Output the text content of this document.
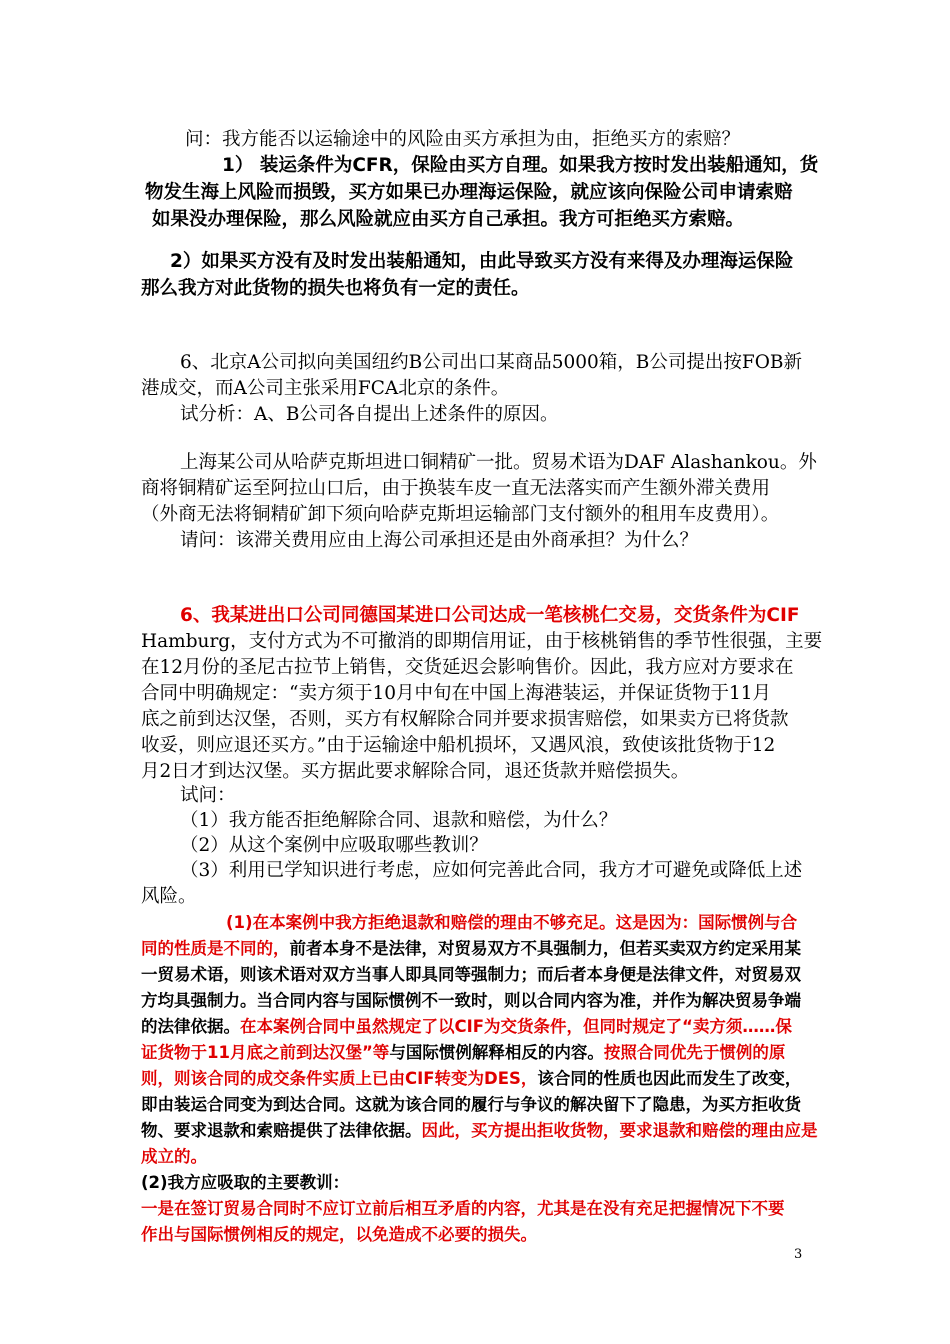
问：我方能否以运输途中的风险由买方承担为由，拒绝买方的索赔？
1） 装运条件为CFR，保险由买方自理。如果我方按时发出装船通知，货
物发生海上风险而损毁，买方如果已办理海运保险，就应该向保险公司申请索赔
如果没办理保险，那么风险就应由买方自己承担。我方可拒绝买方索赔。
2）如果买方没有及时发出装船通知，由此导致买方没有来得及办理海运保险
那么我方对此货物的损失也将负有一定的责任。
6、北京A公司拟向美国纽约B公司出口某商品5000箱，B公司提出按FOB新
港成交，而A公司主张采用FCA北京的条件。
试分析：A、B公司各自提出上述条件的原因。
上海某公司从哈萨克斯坦进口铜精矿一批。贸易术语为DAF Alashankou。外
商将铜精矿运至阿拉山口后，由于换装车皮一直无法落实而产生额外滞关费用
（外商无法将铜精矿卸下须向哈萨克斯坦运输部门支付额外的租用车皮费用）。
请问：该滞关费用应由上海公司承担还是由外商承担？为什么？
6、我某进出口公司同德国某进口公司达成一笔核桃仁交易，交货条件为CIF
Hamburg，支付方式为不可撤消的即期信用证，由于核桃销售的季节性很强，主要
在12月份的圣尼古拉节上销售，交货延迟会影响售价。因此，我方应对方要求在
合同中明确规定：“卖方须于10月中旬在中国上海港装运，并保证货物于11月
底之前到达汉堡，否则，买方有权解除合同并要求损害赔偿，如果卖方已将货款
收妥，则应退还买方。”由于运输途中船机损坏，又遇风浪，致使该批货物于12
月2日才到达汉堡。买方据此要求解除合同，退还货款并赔偿损失。
试问：
（1）我方能否拒绝解除合同、退款和赔偿，为什么？
（2）从这个案例中应吸取哪些教训？
（3）利用已学知识进行考虑，应如何完善此合同，我方才可避免或降低上述
风险。
(1)在本案例中我方拒绝退款和赔偿的理由不够充足。这是因为：国际惯例与合
同的性质是不同的，前者本身不是法律，对贸易双方不具强制力，但若买卖双方约定采用某
一贸易术语，则该术语对双方当事人即具同等强制力；而后者本身便是法律文件，对贸易双
方均具强制力。当合同内容与国际惯例不一致时，则以合同内容为准，并作为解决贸易争端
的法律依据。在本案例合同中虽然规定了以CIF为交货条件，但同时规定了“卖方须……保
证货物于11月底之前到达汉堡”等与国际惯例解释相反的内容。按照合同优先于惯例的原
则，则该合同的成交条件实质上已由CIF转变为DES，该合同的性质也因此而发生了改变，
即由装运合同变为到达合同。这就为该合同的履行与争议的解决留下了隐患，为买方拒收货
物、要求退款和索赔提供了法律依据。因此，买方提出拒收货物，要求退款和赔偿的理由应是
成立的。
(2)我方应吸取的主要教训：
一是在签订贸易合同时不应订立前后相互矛盾的内容，尤其是在没有充足把握情况下不要
作出与国际惯例相反的规定，以免造成不必要的损失。
3
